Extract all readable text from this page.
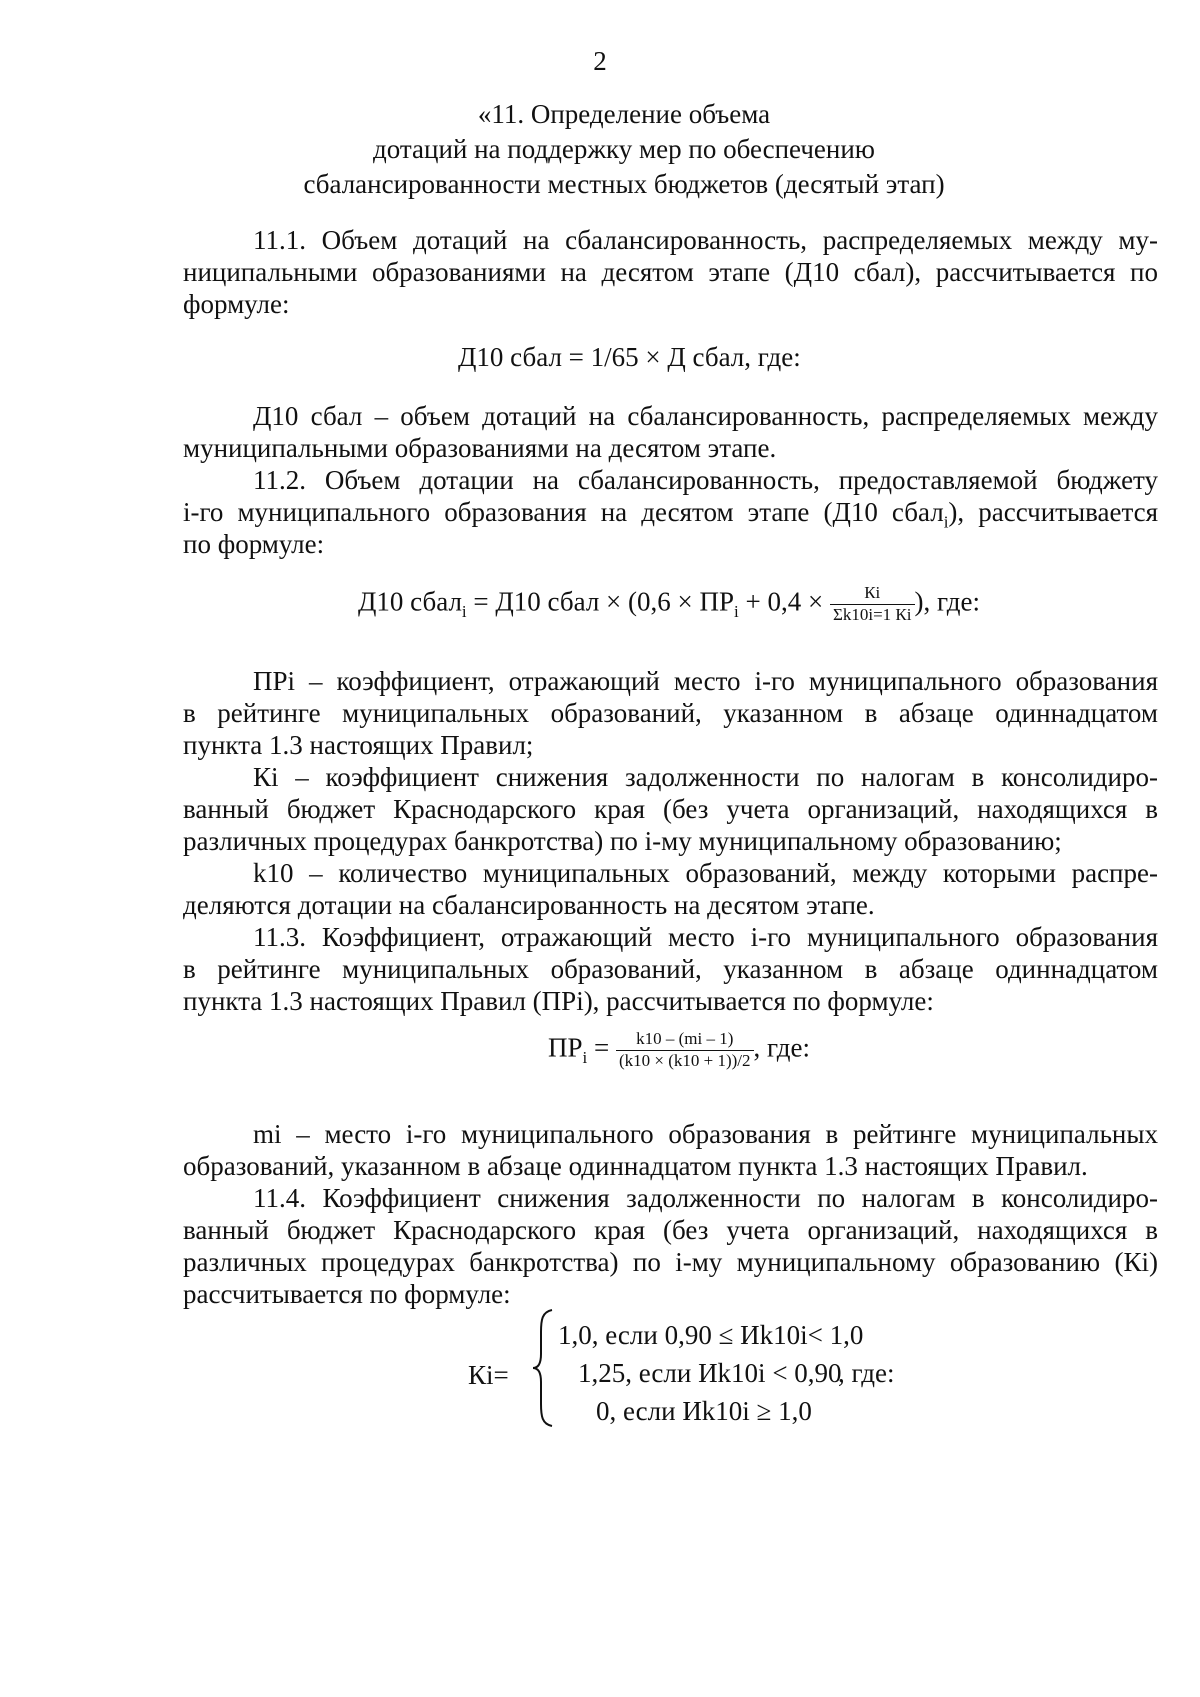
2
«11. Определение объема
дотаций на поддержку мер по обеспечению
сбалансированности местных бюджетов (десятый этап)
11.1. Объем дотаций на сбалансированность, распределяемых между му-
ниципальными образованиями на десятом этапе (Д10 сбал), рассчитывается по
формуле:
Д10 сбал = 1/65 × Д сбал, где:
Д10 сбал – объем дотаций на сбалансированность, распределяемых между
муниципальными образованиями на десятом этапе.
11.2. Объем дотации на сбалансированность, предоставляемой бюджету
i-го муниципального образования на десятом этапе (Д10 сбал$_i$), рассчитывается
по формуле:
Д10 сбал$_i$ = Д10 сбал × ($0,6 \times ПР_i + 0,4 \times \frac{Кi}{\Sigma k10i=1 Кi}$ ), где:
ПРi – коэффициент, отражающий место i-го муниципального образования
в рейтинге муниципальных образований, указанном в абзаце одиннадцатом
пункта 1.3 настоящих Правил;
Кi – коэффициент снижения задолженности по налогам в консолидиро-
ванный бюджет Краснодарского края (без учета организаций, находящихся в
различных процедурах банкротства) по i-му муниципальному образованию;
k10 – количество муниципальных образований, между которыми распре-
деляются дотации на сбалансированность на десятом этапе.
11.3. Коэффициент, отражающий место i-го муниципального образования
в рейтинге муниципальных образований, указанном в абзаце одиннадцатом
пункта 1.3 настоящих Правил (ПРi), рассчитывается по формуле:
$ПР_i = \frac{k10 - (mi - 1)}{(k10 \times (k10 + 1))/2}$ , где:
mi – место i-го муниципального образования в рейтинге муниципальных
образований, указанном в абзаце одиннадцатом пункта 1.3 настоящих Правил.
11.4. Коэффициент снижения задолженности по налогам в консолидиро-
ванный бюджет Краснодарского края (без учета организаций, находящихся в
различных процедурах банкротства) по i-му муниципальному образованию (Кi)
рассчитывается по формуле:
Кi=
1,0, если 0,90 ≤ Иk10i< 1,0
1,25, если Иk10i < 0,90
0, если Иk10i ≥ 1,0
, где:
